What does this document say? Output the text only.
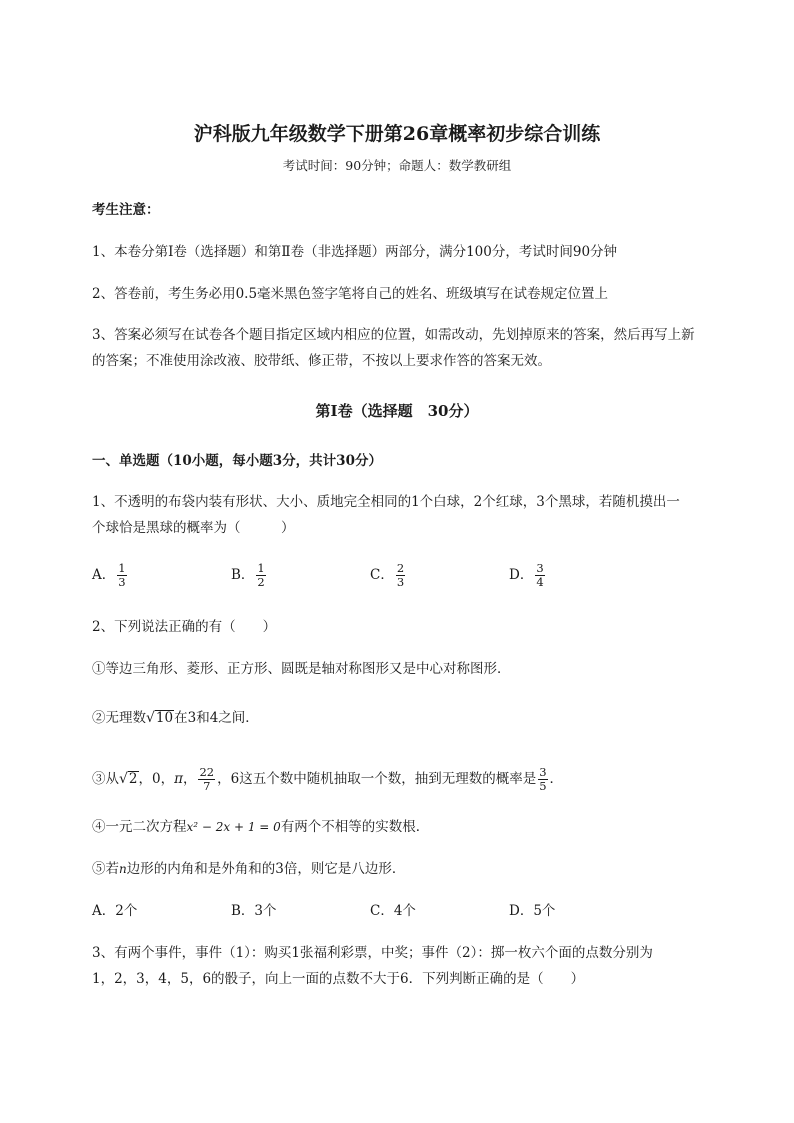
沪科版九年级数学下册第26章概率初步综合训练
考试时间：90分钟；命题人：数学教研组
考生注意：
1、本卷分第I卷（选择题）和第Ⅱ卷（非选择题）两部分，满分100分，考试时间90分钟
2、答卷前，考生务必用0.5毫米黑色签字笔将自己的姓名、班级填写在试卷规定位置上
3、答案必须写在试卷各个题目指定区域内相应的位置，如需改动，先划掉原来的答案，然后再写上新
的答案；不准使用涂改液、胶带纸、修正带，不按以上要求作答的答案无效。
第I卷（选择题　30分）
一、单选题（10小题，每小题3分，共计30分）
1、不透明的布袋内装有形状、大小、质地完全相同的1个白球，2个红球，3个黑球，若随机摸出一
个球恰是黑球的概率为（　　　）
A． $\frac{1}{3}$	B． $\frac{1}{2}$	C． $\frac{2}{3}$	D． $\frac{3}{4}$
2、下列说法正确的有（　　）
①等边三角形、菱形、正方形、圆既是轴对称图形又是中心对称图形．
②无理数√10在3和4之间．
③从√2，0，π， $\frac{22}{7}$ ，6这五个数中随机抽取一个数，抽到无理数的概率是 $\frac{3}{5}$ ．
④一元二次方程x² − 2x + 1 = 0有两个不相等的实数根．
⑤若n边形的内角和是外角和的3倍，则它是八边形．
A．2个	B．3个	C．4个	D．5个
3、有两个事件，事件（1）：购买1张福利彩票，中奖；事件（2）：掷一枚六个面的点数分别为
1，2，3，4，5，6的骰子，向上一面的点数不大于6．下列判断正确的是（　　）
